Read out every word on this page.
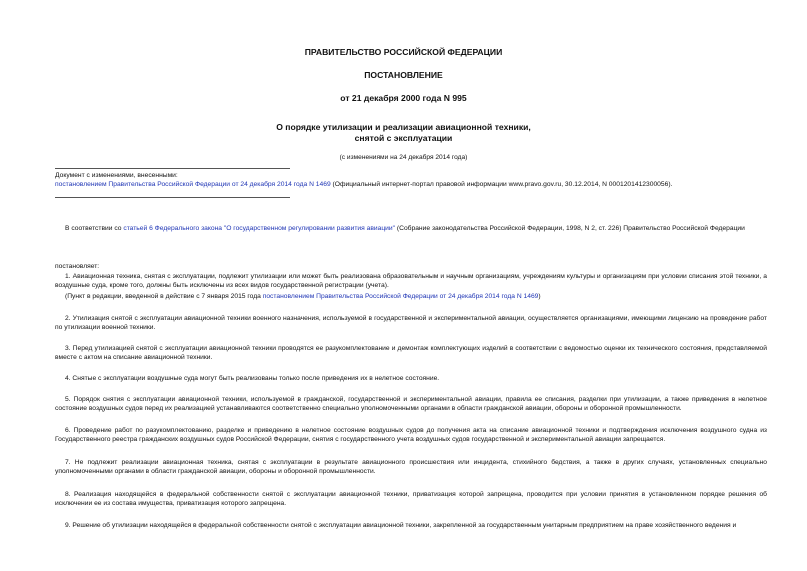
ПРАВИТЕЛЬСТВО РОССИЙСКОЙ ФЕДЕРАЦИИ
ПОСТАНОВЛЕНИЕ
от 21 декабря 2000 года N 995
О порядке утилизации и реализации авиационной техники,
снятой с эксплуатации
(с изменениями на 24 декабря 2014 года)
Документ с изменениями, внесенными:
постановлением Правительства Российской Федерации от 24 декабря 2014 года N 1469 (Официальный интернет-портал правовой информации www.pravo.gov.ru, 30.12.2014, N 0001201412300056).
В соответствии со статьей 6 Федерального закона "О государственном регулировании развития авиации" (Собрание законодательства Российской Федерации, 1998, N 2, ст. 226) Правительство Российской Федерации
постановляет:
1. Авиационная техника, снятая с эксплуатации, подлежит утилизации или может быть реализована образовательным и научным организациям, учреждениям культуры и организациям при условии списания этой техники, а воздушные суда, кроме того, должны быть исключены из всех видов государственной регистрации (учета).
(Пункт в редакции, введенной в действие с 7 января 2015 года постановлением Правительства Российской Федерации от 24 декабря 2014 года N 1469)
2. Утилизация снятой с эксплуатации авиационной техники военного назначения, используемой в государственной и экспериментальной авиации, осуществляется организациями, имеющими лицензию на проведение работ по утилизации военной техники.
3. Перед утилизацией снятой с эксплуатации авиационной техники проводятся ее разукомплектование и демонтаж комплектующих изделий в соответствии с ведомостью оценки их технического состояния, представляемой вместе с актом на списание авиационной техники.
4. Снятые с эксплуатации воздушные суда могут быть реализованы только после приведения их в нелетное состояние.
5. Порядок снятия с эксплуатации авиационной техники, используемой в гражданской, государственной и экспериментальной авиации, правила ее списания, разделки при утилизации, а также приведения в нелетное состояние воздушных судов перед их реализацией устанавливаются соответственно специально уполномоченными органами в области гражданской авиации, обороны и оборонной промышленности.
6. Проведение работ по разукомплектованию, разделке и приведению в нелетное состояние воздушных судов до получения акта на списание авиационной техники и подтверждения исключения воздушного судна из Государственного реестра гражданских воздушных судов Российской Федерации, снятия с государственного учета воздушных судов государственной и экспериментальной авиации запрещается.
7. Не подлежит реализации авиационная техника, снятая с эксплуатации в результате авиационного происшествия или инцидента, стихийного бедствия, а также в других случаях, установленных специально уполномоченными органами в области гражданской авиации, обороны и оборонной промышленности.
8. Реализация находящейся в федеральной собственности снятой с эксплуатации авиационной техники, приватизация которой запрещена, проводится при условии принятия в установленном порядке решения об исключении ее из состава имущества, приватизация которого запрещена.
9. Решение об утилизации находящейся в федеральной собственности снятой с эксплуатации авиационной техники, закрепленной за государственным унитарным предприятием на праве хозяйственного ведения и
